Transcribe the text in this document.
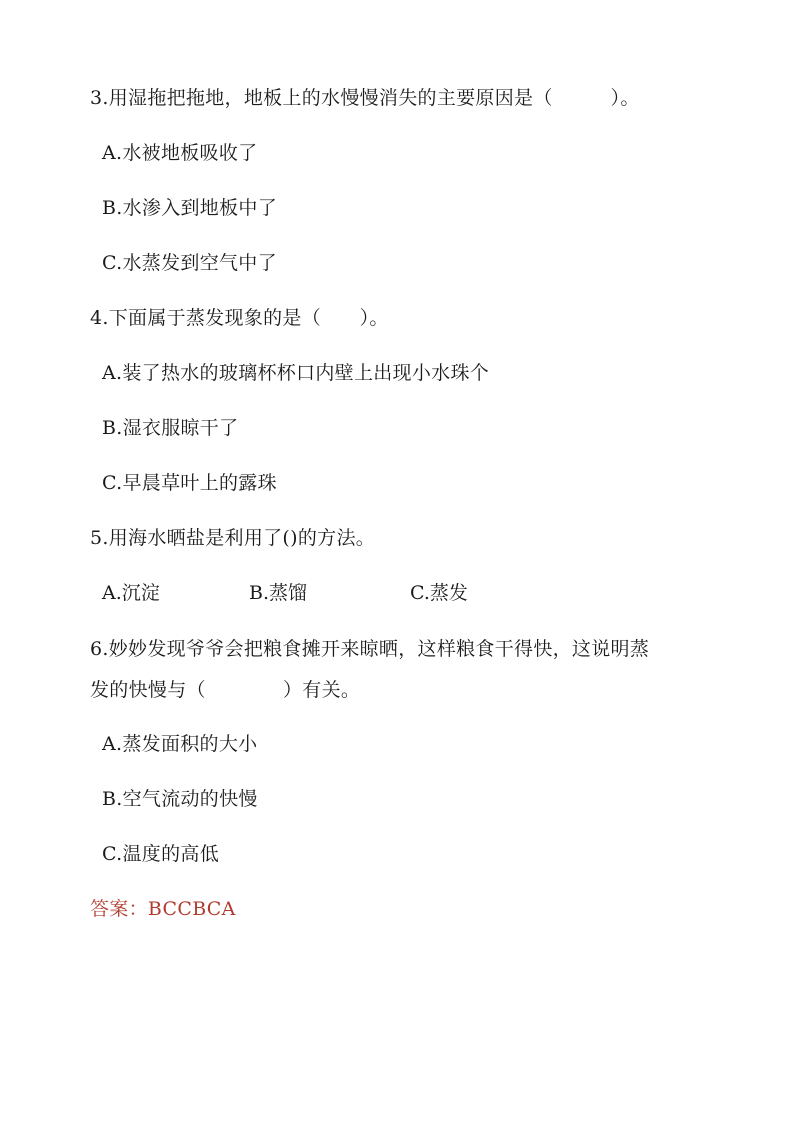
3.用湿拖把拖地，地板上的水慢慢消失的主要原因是（　　　）。
A.水被地板吸收了
B.水渗入到地板中了
C.水蒸发到空气中了
4.下面属于蒸发现象的是（　　）。
A.装了热水的玻璃杯杯口内壁上出现小水珠个
B.湿衣服晾干了
C.早晨草叶上的露珠
5.用海水晒盐是利用了()的方法。
A.沉淀	B.蒸馏	C.蒸发
6.妙妙发现爷爷会把粮食摊开来晾晒，这样粮食干得快，这说明蒸
发的快慢与（　　　　）有关。
A.蒸发面积的大小
B.空气流动的快慢
C.温度的高低
答案：BCCBCA
